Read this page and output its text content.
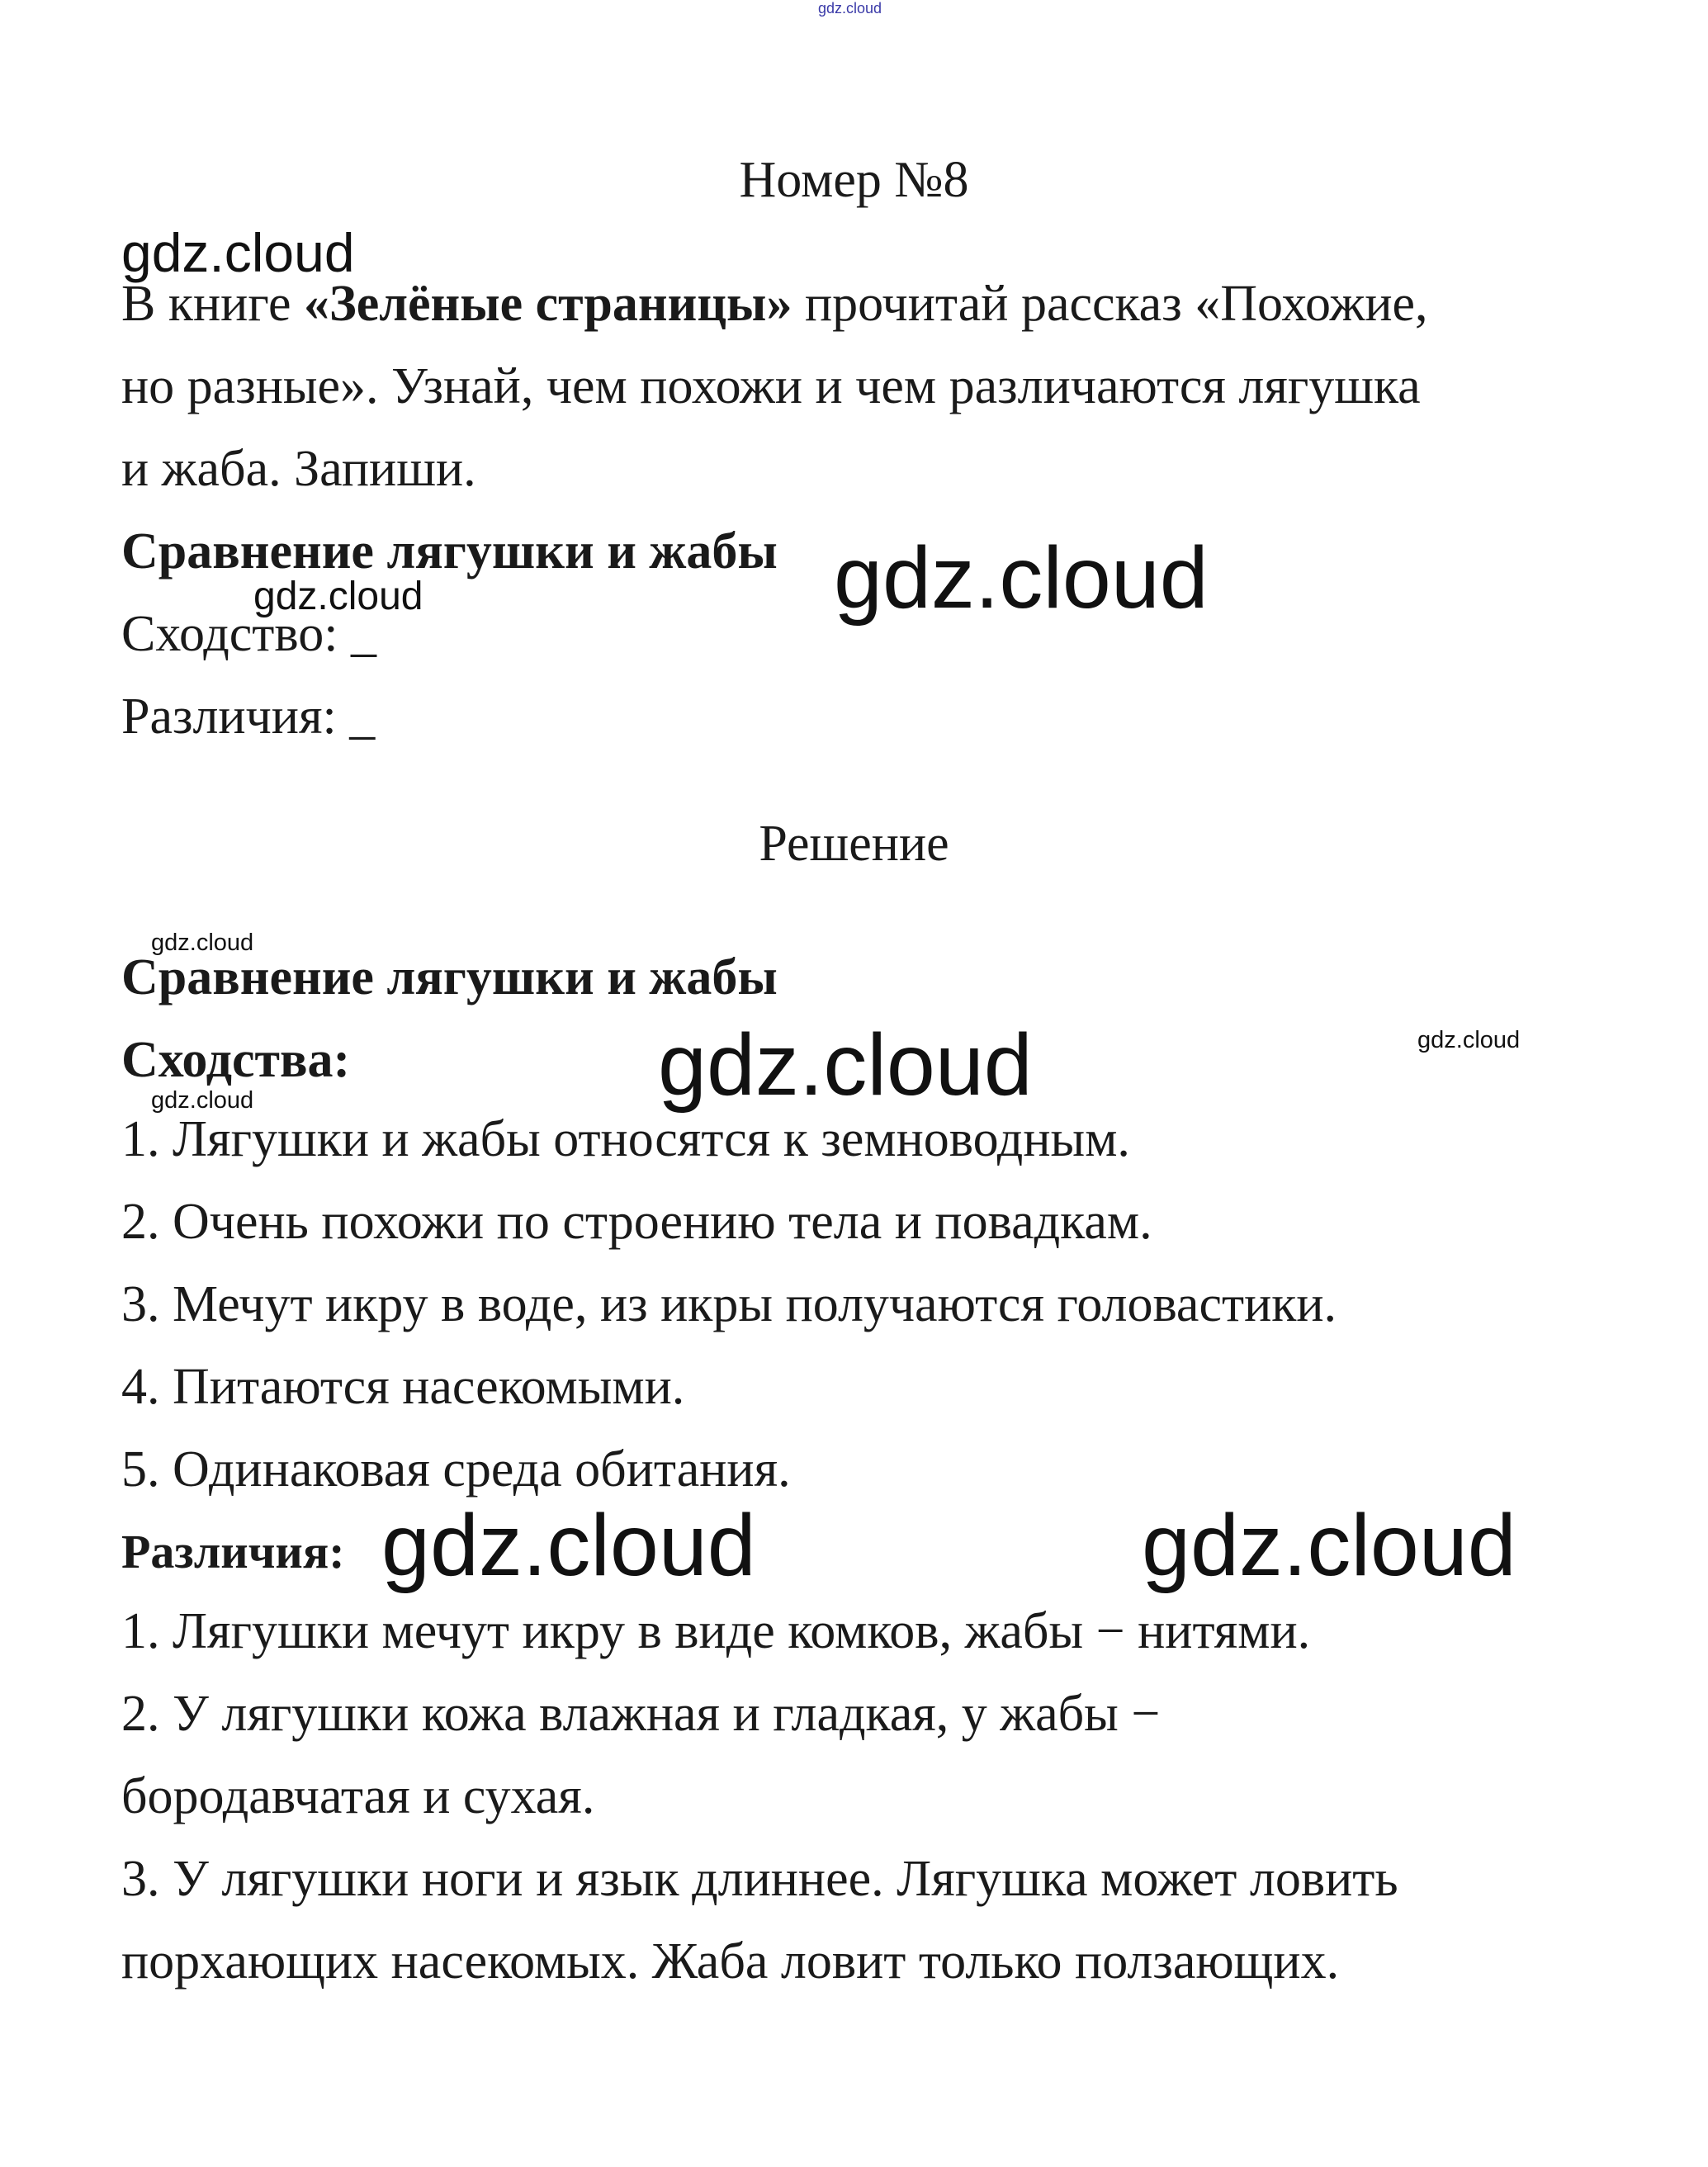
gdz.cloud
Номер №8
gdz.cloud
В книге «Зелёные страницы» прочитай рассказ «Похожие,
но разные». Узнай, чем похожи и чем различаются лягушка
и жаба. Запиши.
Сравнение лягушки и жабы gdz.cloud
gdz.cloud
Сходство: _
Различия: _
Решение
gdz.cloud
Сравнение лягушки и жабы
gdz.cloud
Сходства:	gdz.cloud
gdz.cloud
1. Лягушки и жабы относятся к земноводным.
2. Очень похожи по строению тела и повадкам.
3. Мечут икру в воде, из икры получаются головастики.
4. Питаются насекомыми.
5. Одинаковая среда обитания.
Различия: gdz.cloud	gdz.cloud
1. Лягушки мечут икру в виде комков, жабы − нитями.
2. У лягушки кожа влажная и гладкая, у жабы −
бородавчатая и сухая.
3. У лягушки ноги и язык длиннее. Лягушка может ловить
порхающих насекомых. Жаба ловит только ползающих.
